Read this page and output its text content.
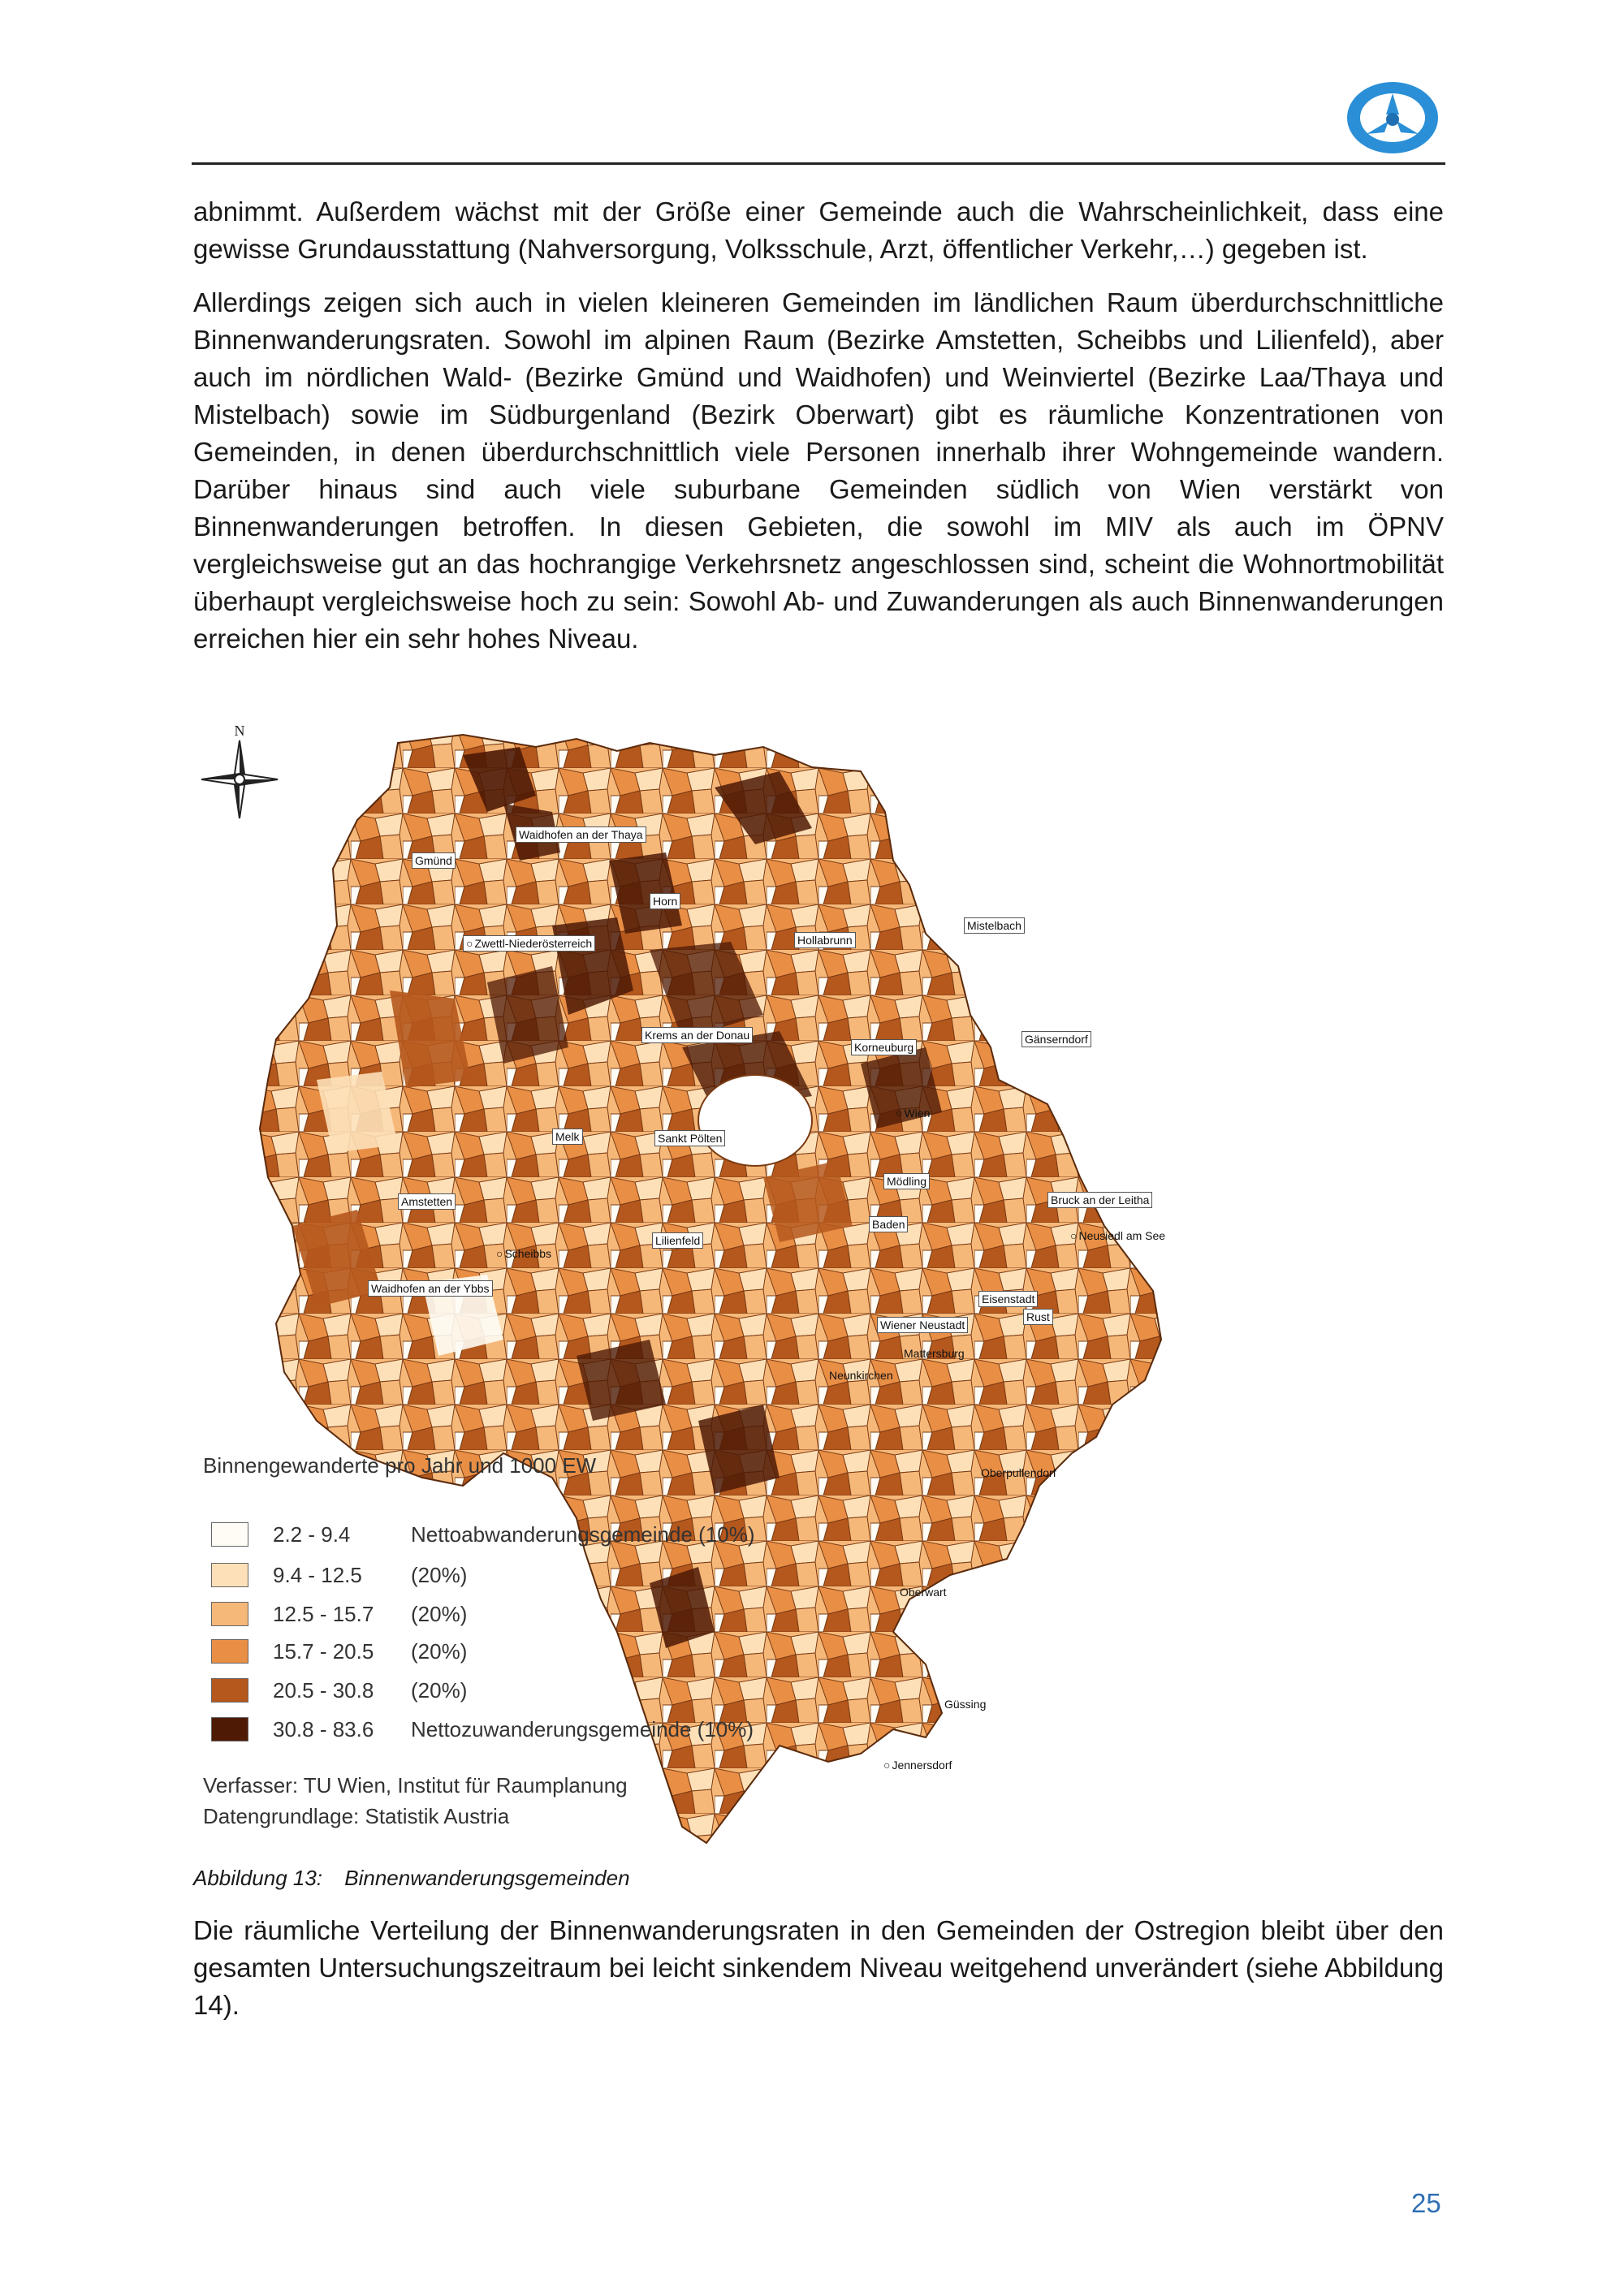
abnimmt. Außerdem wächst mit der Größe einer Gemeinde auch die Wahrscheinlichkeit, dass eine gewisse Grundausstattung (Nahversorgung, Volksschule, Arzt, öffentlicher Verkehr,…) gegeben ist.

Allerdings zeigen sich auch in vielen kleineren Gemeinden im ländlichen Raum überdurchschnittliche Binnenwanderungsraten. Sowohl im alpinen Raum (Bezirke Amstetten, Scheibbs und Lilienfeld), aber auch im nördlichen Wald- (Bezirke Gmünd und Waidhofen) und Weinviertel (Bezirke Laa/Thaya und Mistelbach) sowie im Südburgenland (Bezirk Oberwart) gibt es räumliche Konzentrationen von Gemeinden, in denen überdurchschnittlich viele Personen innerhalb ihrer Wohngemeinde wandern. Darüber hinaus sind auch viele suburbane Gemeinden südlich von Wien verstärkt von Binnenwanderungen betroffen. In diesen Gebieten, die sowohl im MIV als auch im ÖPNV vergleichsweise gut an das hochrangige Verkehrsnetz angeschlossen sind, scheint die Wohnortmobilität überhaupt vergleichsweise hoch zu sein: Sowohl Ab- und Zuwanderungen als auch Binnenwanderungen erreichen hier ein sehr hohes Niveau.

Waidhofen an der Thaya
Gmünd
Horn
○ Zwettl-Niederösterreich	Hollabrunn
Mistelbach
Krems an der Donau
Korneuburg
Gänserndorf
○ Wien
Melk	Sankt Pölten
Mödling
Amstetten	Bruck an der Leitha
Baden
○ Neusiedl am See
Lilienfeld
○ Scheibbs
Waidhofen an der Ybbs
Eisenstadt
Rust
Wiener Neustadt
Mattersburg
Neunkirchen
Oberpullendorf
Oberwart
Güssing
○ Jennersdorf
N
Binnengewanderte pro Jahr und 1000 EW
2.2 - 9.4	Nettoabwanderungsgemeinde (10%)
9.4 - 12.5	(20%)
12.5 - 15.7	(20%)
15.7 - 20.5	(20%)
20.5 - 30.8	(20%)
30.8 - 83.6	Nettozuwanderungsgemeinde (10%)
Verfasser: TU Wien, Institut für Raumplanung
Datengrundlage: Statistik Austria
Abbildung 13: Binnenwanderungsgemeinden

Die räumliche Verteilung der Binnenwanderungsraten in den Gemeinden der Ostregion bleibt über den gesamten Untersuchungszeitraum bei leicht sinkendem Niveau weitgehend unverändert (siehe Abbildung 14).

25
